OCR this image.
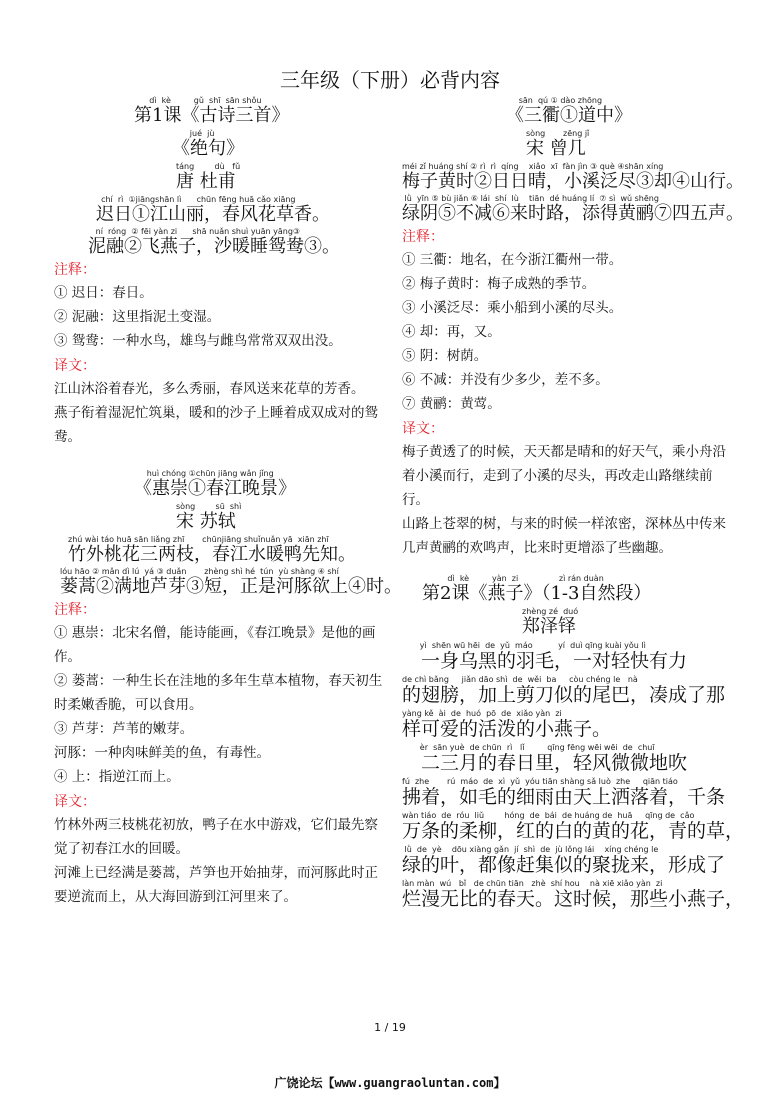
三年级（下册）必背内容
dì  kè         gǔ  shī  sān shǒu
第1课《古诗三首》
jué  jù
《绝句》
táng        dù   fǔ
唐 杜甫
chí  rì  ①jiāngshān lì      chūn fēng huā cǎo xiāng
迟日①江山丽，春风花草香。
ní  róng  ② fēi yàn zi      shā nuǎn shuì yuān yāng③
泥融②飞燕子，沙暖睡鸳鸯③。
注释：
① 迟日：春日。
② 泥融：这里指泥土变湿。
③ 鸳鸯：一种水鸟，雄鸟与雌鸟常常双双出没。
译文：
江山沐浴着春光，多么秀丽，春风送来花草的芳香。
燕子衔着湿泥忙筑巢，暖和的沙子上睡着成双成对的鸳鸯。
huì chóng ①chūn jiāng wǎn jǐng
《惠崇①春江晚景》
sòng        sū  shì
宋 苏轼
zhú wài táo huā sān liǎng zhī       chūnjiāng shuǐnuǎn yā  xiān zhī
竹外桃花三两枝，春江水暖鸭先知。
lóu hāo ② mǎn dì lú  yá ③ duǎn       zhèng shì hé  tún  yù shàng ④ shí
蒌蒿②满地芦芽③短，正是河豚欲上④时。
注释：
① 惠崇：北宋名僧，能诗能画，《春江晚景》是他的画作。
② 蒌蒿：一种生长在洼地的多年生草本植物，春天初生时柔嫩香脆，可以食用。
③ 芦芽：芦苇的嫩芽。
河豚：一种肉味鲜美的鱼，有毒性。
④ 上：指逆江而上。
译文：
竹林外两三枝桃花初放，鸭子在水中游戏，它们最先察觉了初春江水的回暖。
河滩上已经满是蒌蒿，芦笋也开始抽芽，而河豚此时正要逆流而上，从大海回游到江河里来了。
sān  qú ① dào zhōng
《三衢①道中》
sòng       zēng jǐ
宋 曾几
méi zǐ huáng shí ② rì  rì  qíng    xiǎo  xī  fàn jìn ③ què ④shān xíng
梅子黄时②日日晴，小溪泛尽③却④山行。
lǜ  yīn ⑤ bù jiǎn ⑥ lái  shí  lù    tiān  dé huáng lí  ⑦ sì  wǔ shēng
绿阴⑤不减⑥来时路，添得黄鹂⑦四五声。
注释：
① 三衢：地名，在今浙江衢州一带。
② 梅子黄时：梅子成熟的季节。
③ 小溪泛尽：乘小船到小溪的尽头。
④ 却：再，又。
⑤ 阴：树荫。
⑥ 不减：并没有少多少，差不多。
⑦ 黄鹂：黄莺。
译文：
梅子黄透了的时候，天天都是晴和的好天气，乘小舟沿着小溪而行，走到了小溪的尽头，再改走山路继续前行。
山路上苍翠的树，与来的时候一样浓密，深林丛中传来几声黄鹂的欢鸣声，比来时更增添了些幽趣。
dì  kè         yàn  zi                zì rán duàn
第2课《燕子》（1-3自然段）
zhèng zé  duó
郑泽铎
yì  shēn wū hēi  de  yǔ  máo          yí  duì qīng kuài yǒu lì
　一身乌黑的羽毛，一对轻快有力
de chì bǎng     jiǎn dāo shì  de  wěi  ba     còu chéng le   nà
的翅膀，加上剪刀似的尾巴，凑成了那
yàng kě  ài  de  huó  pō  de  xiǎo yàn  zi
样可爱的活泼的小燕子。
èr  sān yuè  de chūn  rì   lǐ         qīng fēng wēi wēi  de  chuī
　二三月的春日里，轻风微微地吹
fú  zhe       rú  máo  de  xì  yǔ  yóu tiān shàng sǎ luò  zhe     qiān tiáo
拂着，如毛的细雨由天上洒落着，千条
wàn tiáo  de  róu  liǔ        hóng  de  bái  de huáng de  huā     qīng de  cǎo
万条的柔柳，红的白的黄的花，青的草，
lǜ  de  yè    dōu xiàng gǎn  jí  shì  de  jù lǒng lái    xíng chéng le
绿的叶，都像赶集似的聚拢来，形成了
làn màn  wú   bǐ   de chūn tiān   zhè  shí hou    nà xiē xiǎo yàn  zi
烂漫无比的春天。这时候，那些小燕子，
1 / 19
广饶论坛【www.guangraoluntan.com】
